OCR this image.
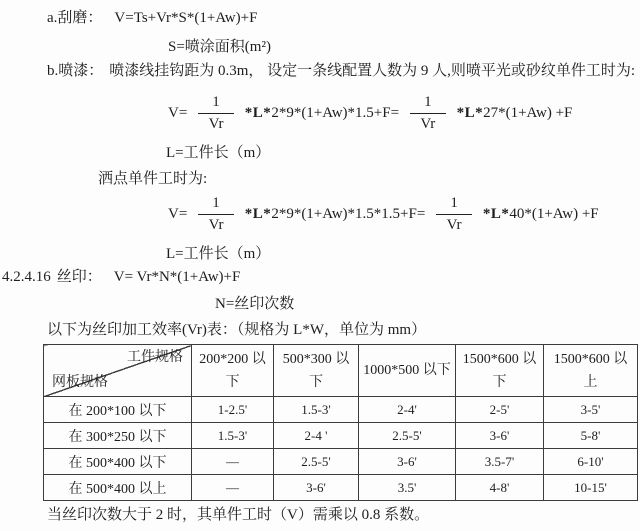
a.刮磨： V=Ts+Vr*S*(1+Aw)+F
S=喷涂面积(m²)
b.喷漆： 喷漆线挂钩距为 0.3m， 设定一条线配置人数为 9 人,则喷平光或砂纹单件工时为:
$V= \frac{1}{Vr} *L*2*9*(1+Aw)*1.5+F= \frac{1}{Vr} *L*27*(1+Aw) +F$
L=工件长（m）
洒点单件工时为:
$V= \frac{1}{Vr} *L*2*9*(1+Aw)*1.5*1.5+F= \frac{1}{Vr} *L*40*(1+Aw) +F$
L=工件长（m）
4.2.4.16 丝印： V= Vr*N*(1+Aw)+F
N=丝印次数
以下为丝印加工效率(Vr)表：（规格为 L*W，单位为 mm）
工件规格
网板规格	200*200 以下	500*300 以下	1000*500 以下	1500*600 以下	1500*600 以上
在 200*100 以下	1-2.5'	1.5-3'	2-4'	2-5'	3-5'
在 300*250 以下	1.5-3'	2-4 '	2.5-5'	3-6'	5-8'
在 500*400 以下	—	2.5-5'	3-6'	3.5-7'	6-10'
在 500*400 以上	—	3-6'	3.5'	4-8'	10-15'
当丝印次数大于 2 时，其单件工时（V）需乘以 0.8 系数。
